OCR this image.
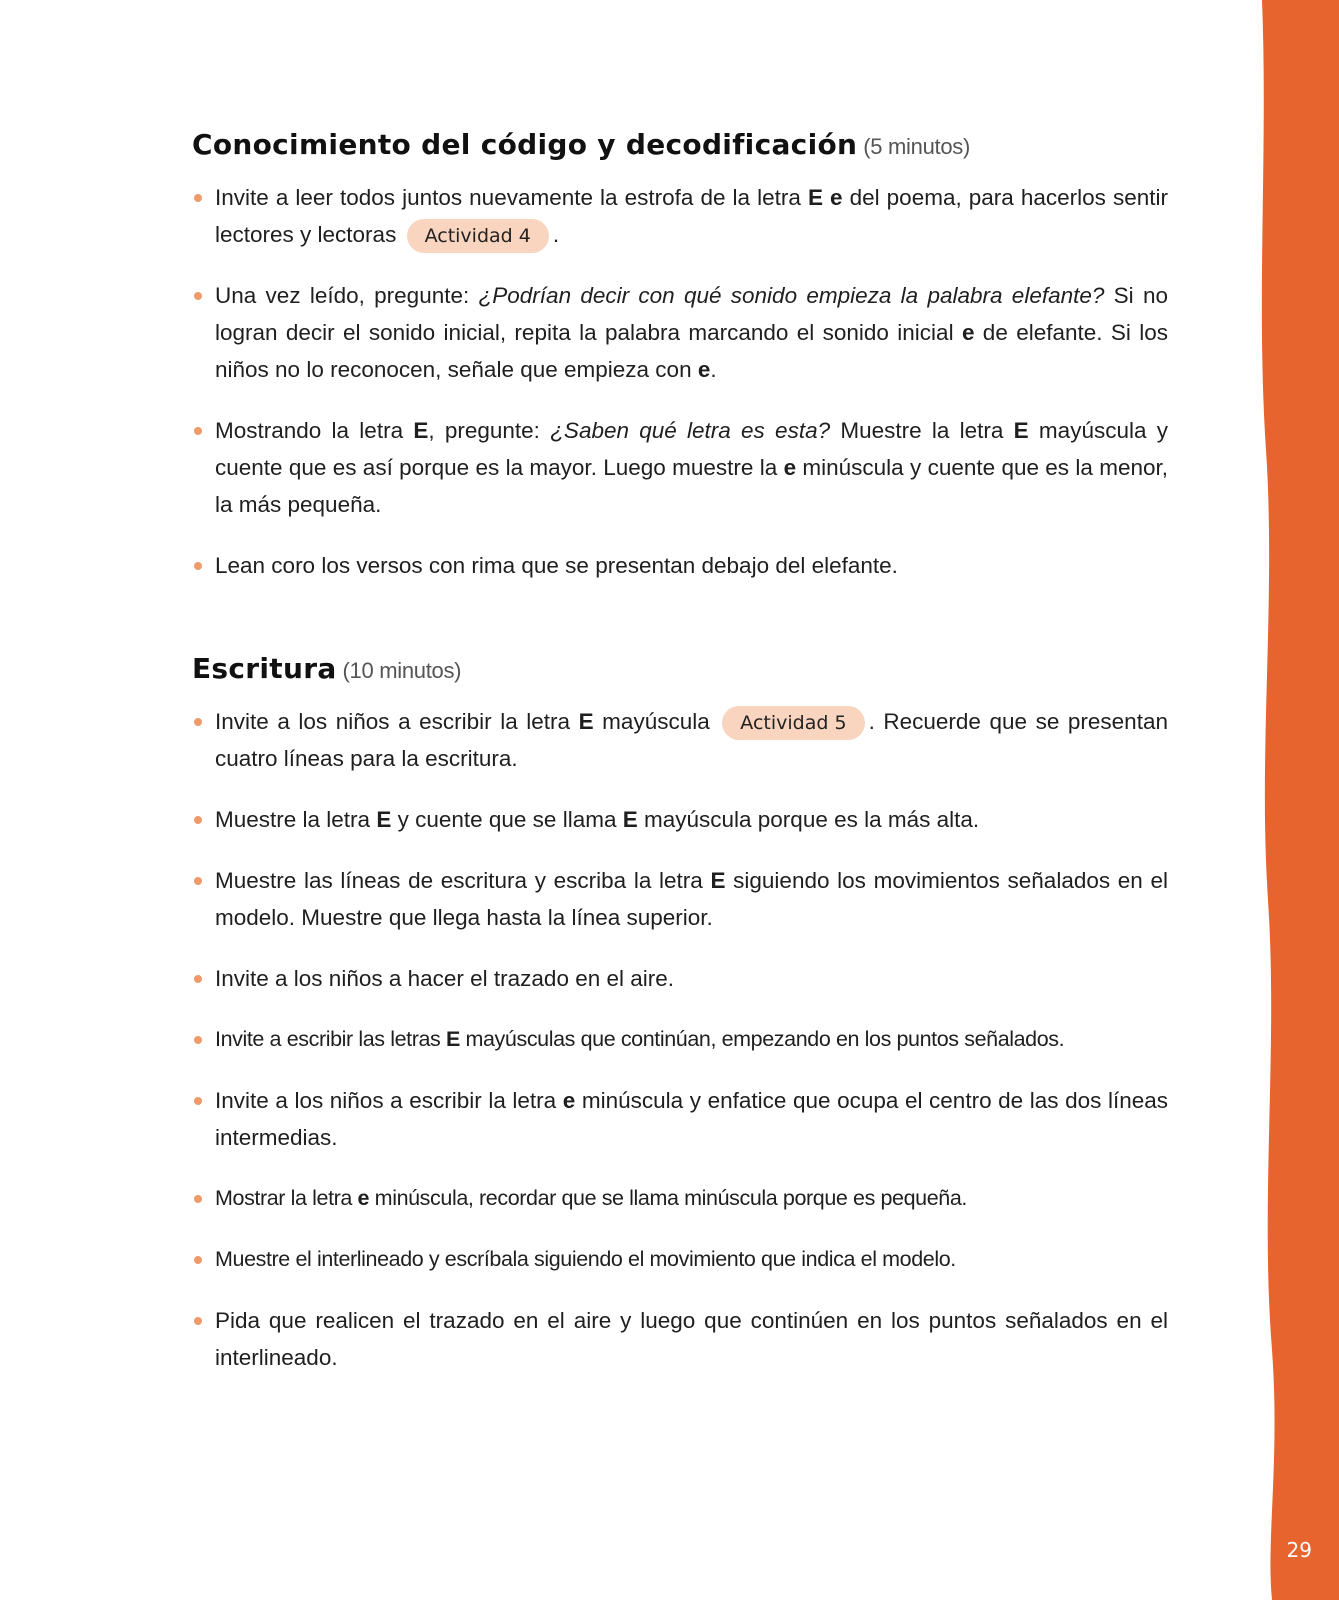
29
Conocimiento del código y decodificación (5 minutos)
Invite a leer todos juntos nuevamente la estrofa de la letra E e del poema, para hacerlos sentir lectores y lectoras Actividad 4 .
Una vez leído, pregunte: ¿Podrían decir con qué sonido empieza la palabra elefante? Si no logran decir el sonido inicial, repita la palabra marcando el sonido inicial e de elefante. Si los niños no lo reconocen, señale que empieza con e.
Mostrando la letra E, pregunte: ¿Saben qué letra es esta? Muestre la letra E mayúscula y cuente que es así porque es la mayor. Luego muestre la e minúscula y cuente que es la menor, la más pequeña.
Lean coro los versos con rima que se presentan debajo del elefante.
Escritura (10 minutos)
Invite a los niños a escribir la letra E mayúscula Actividad 5 . Recuerde que se presentan cuatro líneas para la escritura.
Muestre la letra E y cuente que se llama E mayúscula porque es la más alta.
Muestre las líneas de escritura y escriba la letra E siguiendo los movimientos señalados en el modelo. Muestre que llega hasta la línea superior.
Invite a los niños a hacer el trazado en el aire.
Invite a escribir las letras E mayúsculas que continúan, empezando en los puntos señalados.
Invite a los niños a escribir la letra e minúscula y enfatice que ocupa el centro de las dos líneas intermedias.
Mostrar la letra e minúscula, recordar que se llama minúscula porque es pequeña.
Muestre el interlineado y escríbala siguiendo el movimiento que indica el modelo.
Pida que realicen el trazado en el aire y luego que continúen en los puntos señalados en el interlineado.
